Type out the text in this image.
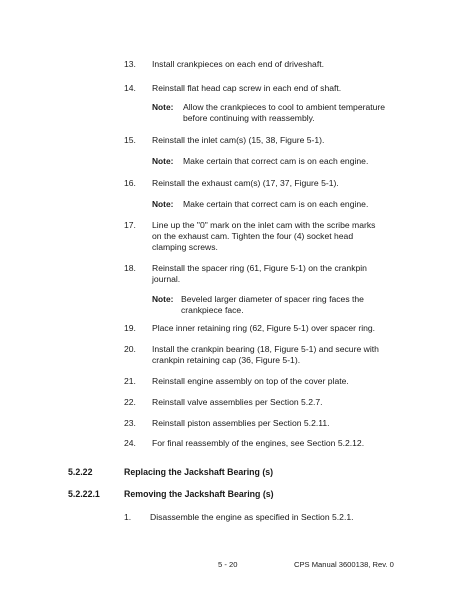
13. Install crankpieces on each end of driveshaft.
14. Reinstall flat head cap screw in each end of shaft.
Note: Allow the crankpieces to cool to ambient temperature
before continuing with reassembly.
15. Reinstall the inlet cam(s) (15, 38, Figure 5-1).
Note: Make certain that correct cam is on each engine.
16. Reinstall the exhaust cam(s) (17, 37, Figure 5-1).
Note: Make certain that correct cam is on each engine.
17. Line up the "0" mark on the inlet cam with the scribe marks
on the exhaust cam. Tighten the four (4) socket head
clamping screws.
18. Reinstall the spacer ring (61, Figure 5-1) on the crankpin
journal.
Note: Beveled larger diameter of spacer ring faces the
crankpiece face.
19. Place inner retaining ring (62, Figure 5-1) over spacer ring.
20. Install the crankpin bearing (18, Figure 5-1) and secure with
crankpin retaining cap (36, Figure 5-1).
21. Reinstall engine assembly on top of the cover plate.
22. Reinstall valve assemblies per Section 5.2.7.
23. Reinstall piston assemblies per Section 5.2.11.
24. For final reassembly of the engines, see Section 5.2.12.
5.2.22	Replacing the Jackshaft Bearing (s)
5.2.22.1	Removing the Jackshaft Bearing (s)
1. Disassemble the engine as specified in Section 5.2.1.
5 - 20	CPS Manual 3600138, Rev. 0
